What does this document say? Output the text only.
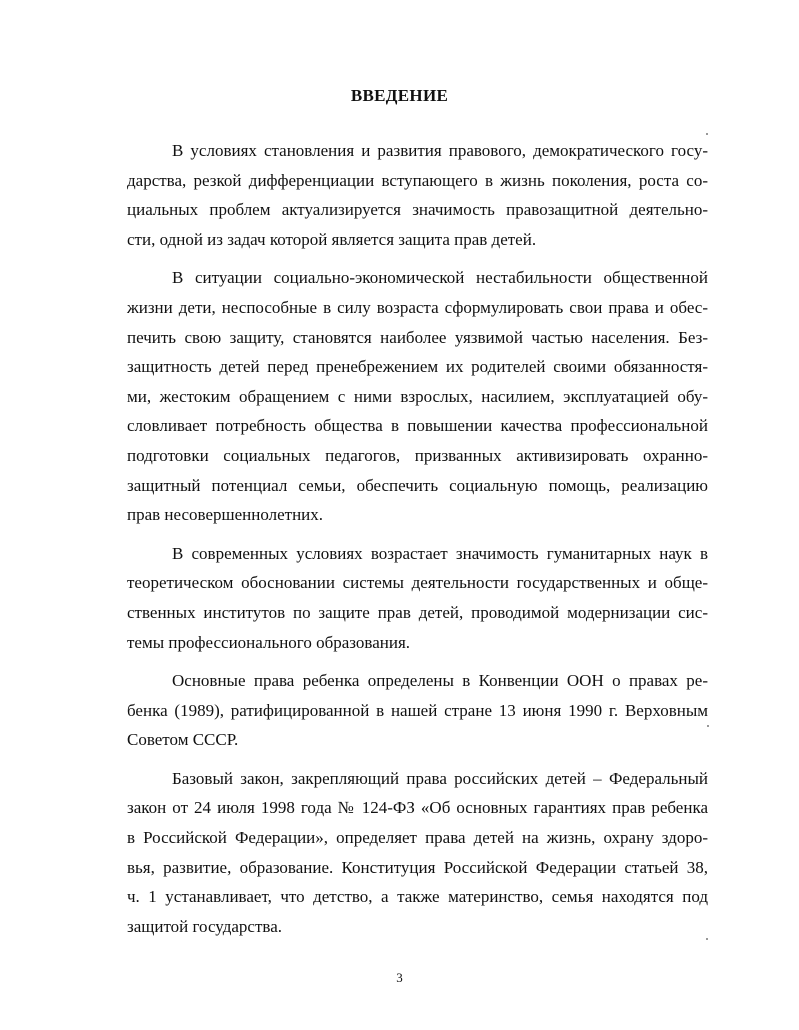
ВВЕДЕНИЕ

В условиях становления и развития правового, демократического госу-
дарства, резкой дифференциации вступающего в жизнь поколения, роста со-
циальных проблем актуализируется значимость правозащитной деятельно-
сти, одной из задач которой является защита прав детей.

В ситуации социально-экономической нестабильности общественной
жизни дети, неспособные в силу возраста сформулировать свои права и обес-
печить свою защиту, становятся наиболее уязвимой частью населения. Без-
защитность детей перед пренебрежением их родителей своими обязанностя-
ми, жестоким обращением с ними взрослых, насилием, эксплуатацией обу-
словливает потребность общества в повышении качества профессиональной
подготовки социальных педагогов, призванных активизировать охранно-
защитный потенциал семьи, обеспечить социальную помощь, реализацию
прав несовершеннолетних.

В современных условиях возрастает значимость гуманитарных наук в
теоретическом обосновании системы деятельности государственных и обще-
ственных институтов по защите прав детей, проводимой модернизации сис-
темы профессионального образования.

Основные права ребенка определены в Конвенции ООН о правах ре-
бенка (1989), ратифицированной в нашей стране 13 июня 1990 г. Верховным
Советом СССР.

Базовый закон, закрепляющий права российских детей – Федеральный
закон от 24 июля 1998 года № 124-ФЗ «Об основных гарантиях прав ребенка
в Российской Федерации», определяет права детей на жизнь, охрану здоро-
вья, развитие, образование. Конституция Российской Федерации статьей 38,
ч. 1 устанавливает, что детство, а также материнство, семья находятся под
защитой государства.

3
